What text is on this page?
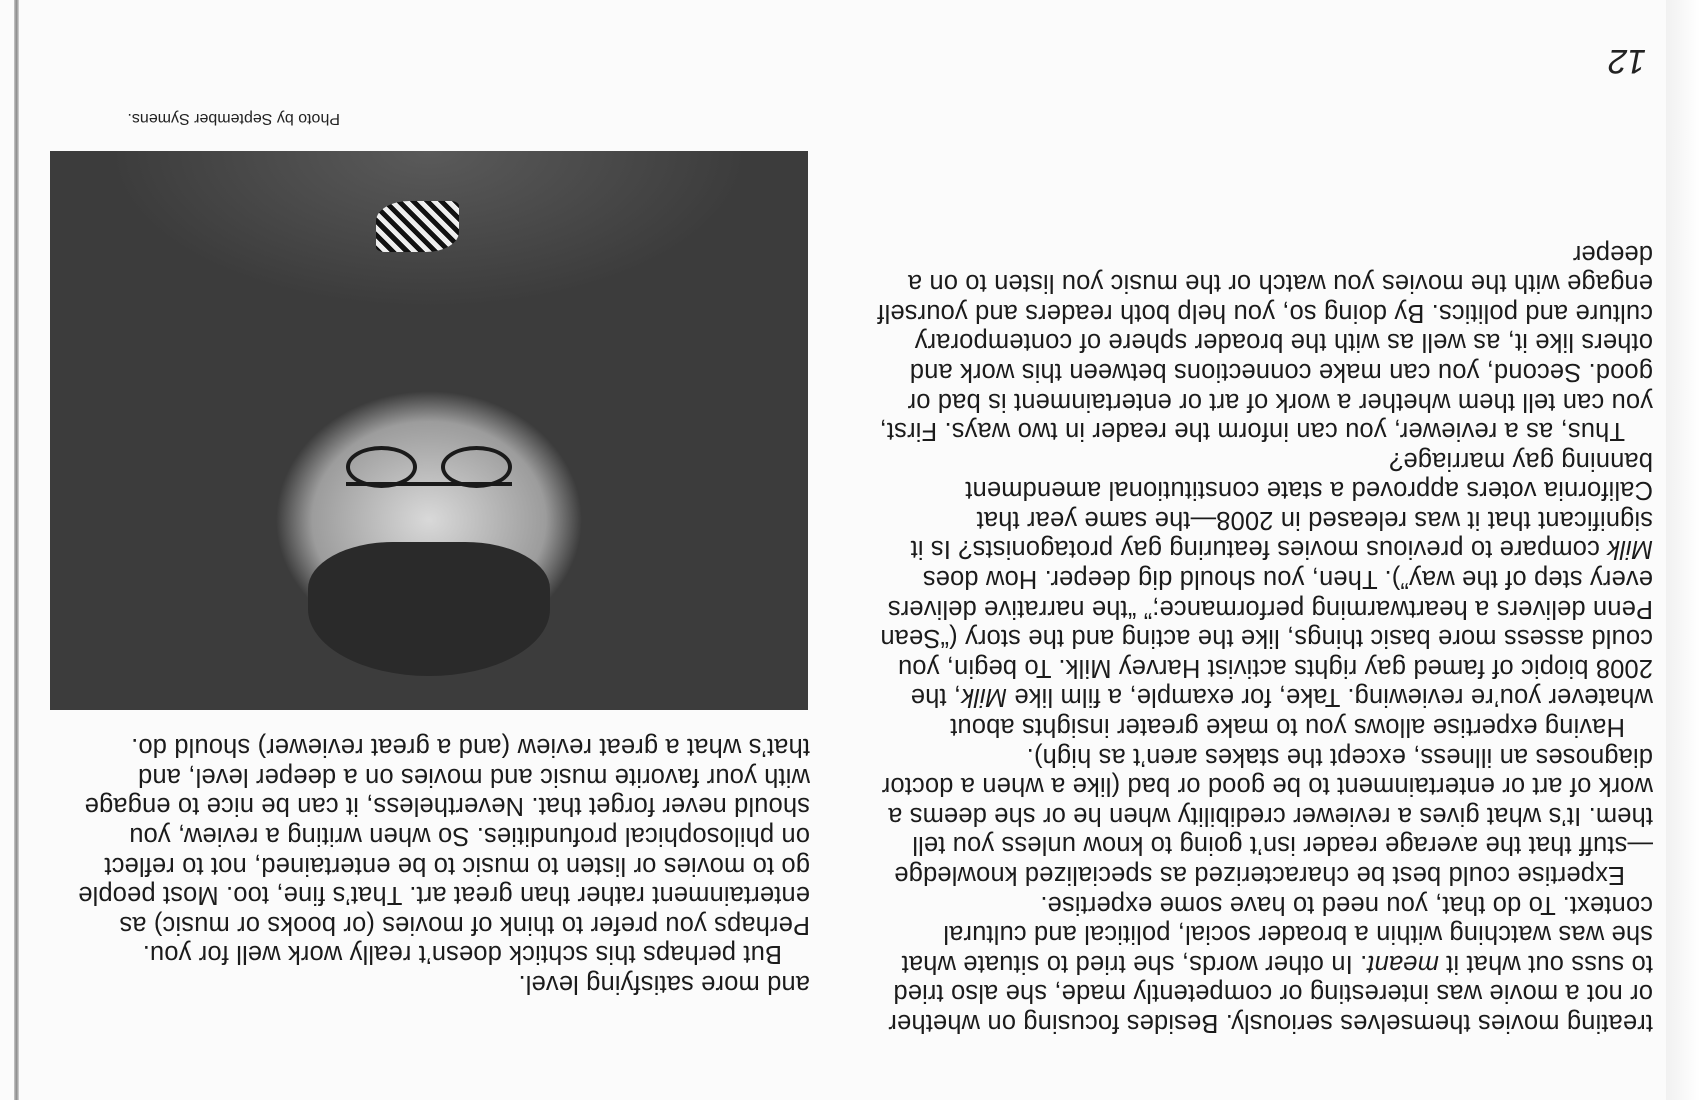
12

treating movies themselves seriously. Besides focusing on whether or not a movie was interesting or competently made, she also tried to suss out what it meant. In other words, she tried to situate what she was watching within a broader social, political and cultural context. To do that, you need to have some expertise.

Expertise could best be characterized as specialized knowledge—stuff that the average reader isn’t going to know unless you tell them. It’s what gives a reviewer credibility when he or she deems a work of art or entertainment to be good or bad (like a when a doctor diagnoses an illness, except the stakes aren’t as high).

Having expertise allows you to make greater insights about whatever you’re reviewing. Take, for example, a film like Milk, the 2008 biopic of famed gay rights activist Harvey Milk. To begin, you could assess more basic things, like the acting and the story (“Sean Penn delivers a heartwarming performance;” “the narrative delivers every step of the way”). Then, you should dig deeper. How does Milk compare to previous movies featuring gay protagonists? Is it significant that it was released in 2008—the same year that California voters approved a state constitutional amendment banning gay marriage?

Thus, as a reviewer, you can inform the reader in two ways. First, you can tell them whether a work of art or entertainment is bad or good. Second, you can make connections between this work and others like it, as well as with the broader sphere of contemporary culture and politics. By doing so, you help both readers and yourself engage with the movies you watch or the music you listen to on a deeper

and more satisfying level.

But perhaps this schtick doesn’t really work well for you. Perhaps you prefer to think of movies (or books or music) as entertainment rather than great art. That’s fine, too. Most people go to movies or listen to music to be entertained, not to reflect on philosophical profundities. So when writing a review, you should never forget that. Nevertheless, it can be nice to engage with your favorite music and movies on a deeper level, and that’s what a great review (and a great reviewer) should do.

Photo by September Symens.
